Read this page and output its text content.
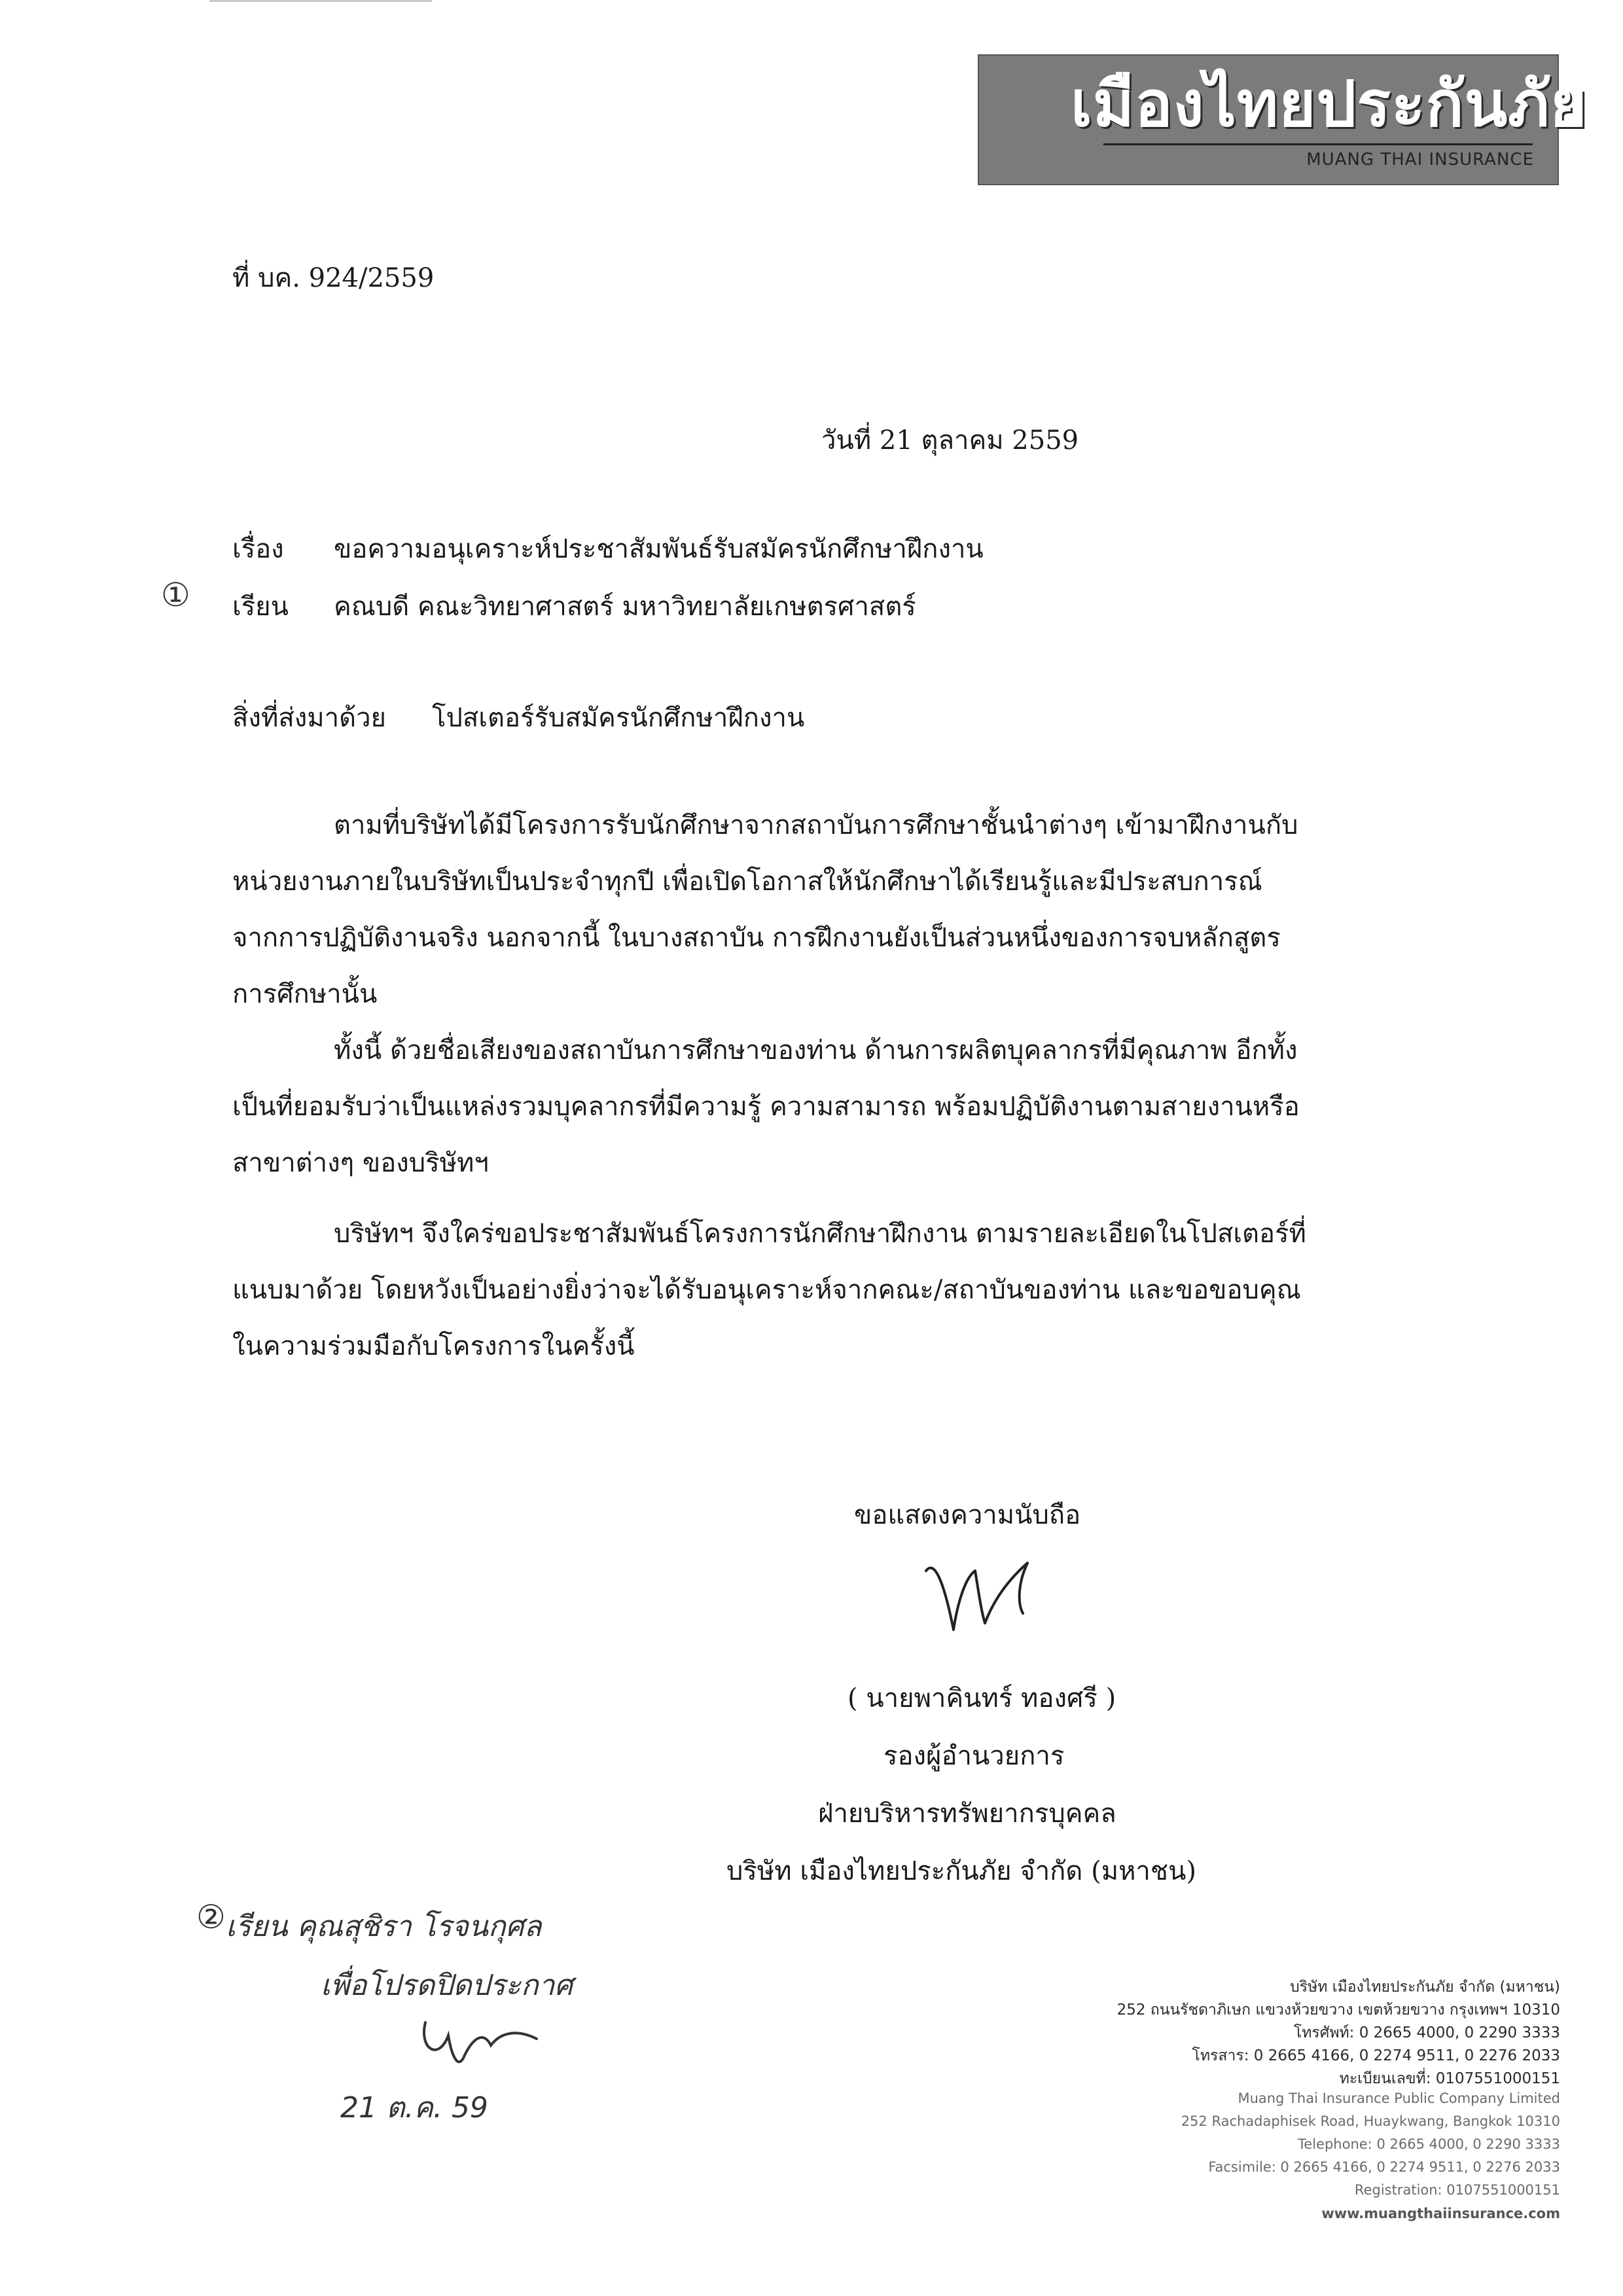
เมืองไทยประกันภัย
MUANG THAI INSURANCE
ที่ บค. 924/2559
วันที่ 21 ตุลาคม 2559
เรื่อง	ขอความอนุเคราะห์ประชาสัมพันธ์รับสมัครนักศึกษาฝึกงาน
① เรียน	คณบดี คณะวิทยาศาสตร์ มหาวิทยาลัยเกษตรศาสตร์
สิ่งที่ส่งมาด้วย โปสเตอร์รับสมัครนักศึกษาฝึกงาน
ตามที่บริษัทได้มีโครงการรับนักศึกษาจากสถาบันการศึกษาชั้นนำต่างๆ เข้ามาฝึกงานกับ
หน่วยงานภายในบริษัทเป็นประจำทุกปี เพื่อเปิดโอกาสให้นักศึกษาได้เรียนรู้และมีประสบการณ์
จากการปฏิบัติงานจริง นอกจากนี้ ในบางสถาบัน การฝึกงานยังเป็นส่วนหนึ่งของการจบหลักสูตร
การศึกษานั้น
ทั้งนี้ ด้วยชื่อเสียงของสถาบันการศึกษาของท่าน ด้านการผลิตบุคลากรที่มีคุณภาพ อีกทั้ง
เป็นที่ยอมรับว่าเป็นแหล่งรวมบุคลากรที่มีความรู้ ความสามารถ พร้อมปฏิบัติงานตามสายงานหรือ
สาขาต่างๆ ของบริษัทฯ
บริษัทฯ จึงใคร่ขอประชาสัมพันธ์โครงการนักศึกษาฝึกงาน ตามรายละเอียดในโปสเตอร์ที่
แนบมาด้วย โดยหวังเป็นอย่างยิ่งว่าจะได้รับอนุเคราะห์จากคณะ/สถาบันของท่าน และขอขอบคุณ
ในความร่วมมือกับโครงการในครั้งนี้
ขอแสดงความนับถือ
( นายพาคินทร์ ทองศรี )
รองผู้อำนวยการ
ฝ่ายบริหารทรัพยากรบุคคล
บริษัท เมืองไทยประกันภัย จำกัด (มหาชน)
② เรียน คุณสุชิรา โรจนกุศล
เพื่อโปรดปิดประกาศ
21 ต.ค. 59
บริษัท เมืองไทยประกันภัย จำกัด (มหาชน)
252 ถนนรัชดาภิเษก แขวงห้วยขวาง เขตห้วยขวาง กรุงเทพฯ 10310
โทรศัพท์: 0 2665 4000, 0 2290 3333
โทรสาร: 0 2665 4166, 0 2274 9511, 0 2276 2033
ทะเบียนเลขที่: 0107551000151
Muang Thai Insurance Public Company Limited
252 Rachadaphisek Road, Huaykwang, Bangkok 10310
Telephone: 0 2665 4000, 0 2290 3333
Facsimile: 0 2665 4166, 0 2274 9511, 0 2276 2033
Registration: 0107551000151
www.muangthaiinsurance.com
